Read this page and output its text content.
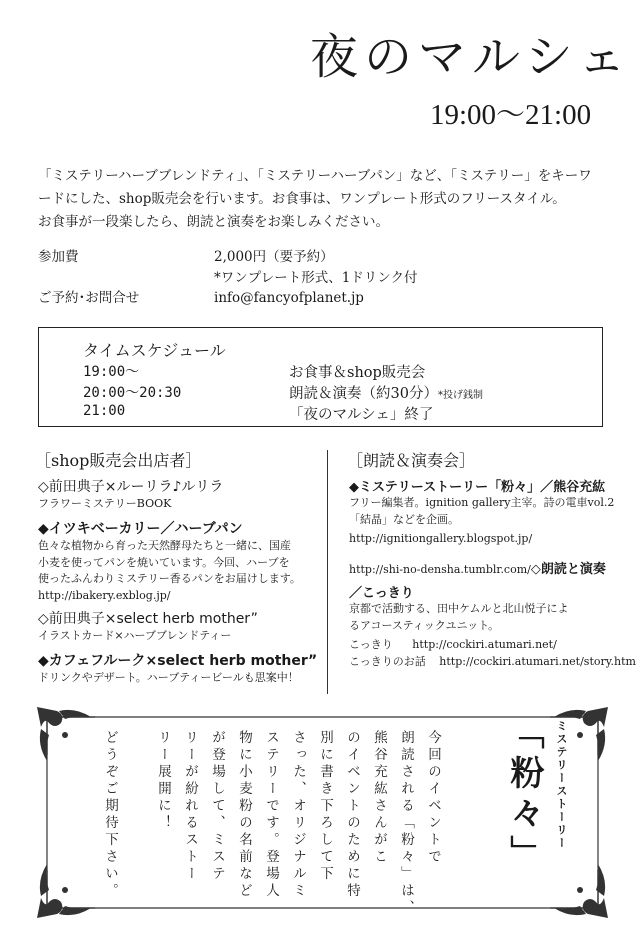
夜のマルシェ
19:00～21:00

「ミステリーハーブブレンドティ」、「ミステリーハーブパン」など、「ミステリー」をキーワ

ードにした、shop販売会を行います。お食事は、ワンプレート形式のフリースタイル。

お食事が一段楽したら、朗読と演奏をお楽しみください。

参加費	2,000円（要予約）
*ワンプレート形式、1ドリンク付
ご予約･お問合せ	info@fancyofplanet.jp
タイムスケジュール
19:00～	お食事＆shop販売会
20:00～20:30	朗読＆演奏（約30分）*投げ銭制
21:00	「夜のマルシェ」終了
［shop販売会出店者］
◇前田典子×ルーリラ♪ルリラ
フラワーミステリーBOOK
◆イツキベーカリー／ハーブパン
色々な植物から育った天然酵母たちと一緒に、国産
小麦を使ってパンを焼いています。今回、ハーブを
使ったふんわりミステリー香るパンをお届けします。
http://ibakery.exblog.jp/
◇前田典子×select herb mother”
イラストカード×ハーブブレンドティー
◆カフェフルーク×select herb mother”
ドリンクやデザート。ハーブティービールも思案中！
［朗読＆演奏会］
◆ミステリーストーリー「粉々」／熊谷充紘
フリー編集者。ignition gallery主宰。詩の電車vol.2
「結晶」などを企画。
http://ignitiongallery.blogspot.jp/
http://shi-no-densha.tumblr.com/◇朗読と演奏
／こっきり
京都で活動する、田中ケムルと北山悦子によ
るアコースティックユニット。
こっきり http://cockiri.atumari.net/
こっきりのお話 http://cockiri.atumari.net/story.htm
ミステリーストーリー
「粉々」
今回のイベントで
朗読される「粉々」は、
熊谷充紘さんがこ
のイベントのために特
別に書き下ろして下
さった、オリジナルミ
ステリーです。登場人
物に小麦粉の名前など
が登場して、ミステ
リーが紛れるストー
リー展開に！
どうぞご期待下さい。
